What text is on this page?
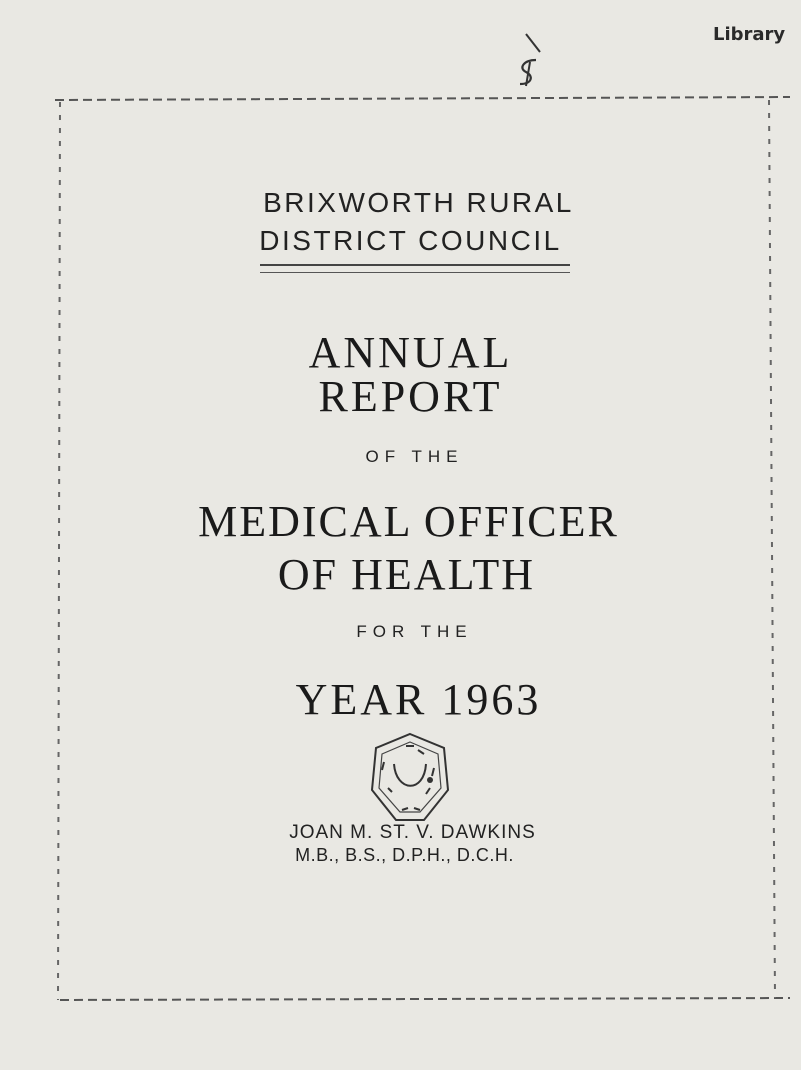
Library
BRIXWORTH RURAL
DISTRICT COUNCIL
ANNUAL
REPORT
OF THE
MEDICAL OFFICER
OF HEALTH
FOR THE
YEAR 1963
JOAN M. ST. V. DAWKINS
M.B., B.S., D.P.H., D.C.H.
